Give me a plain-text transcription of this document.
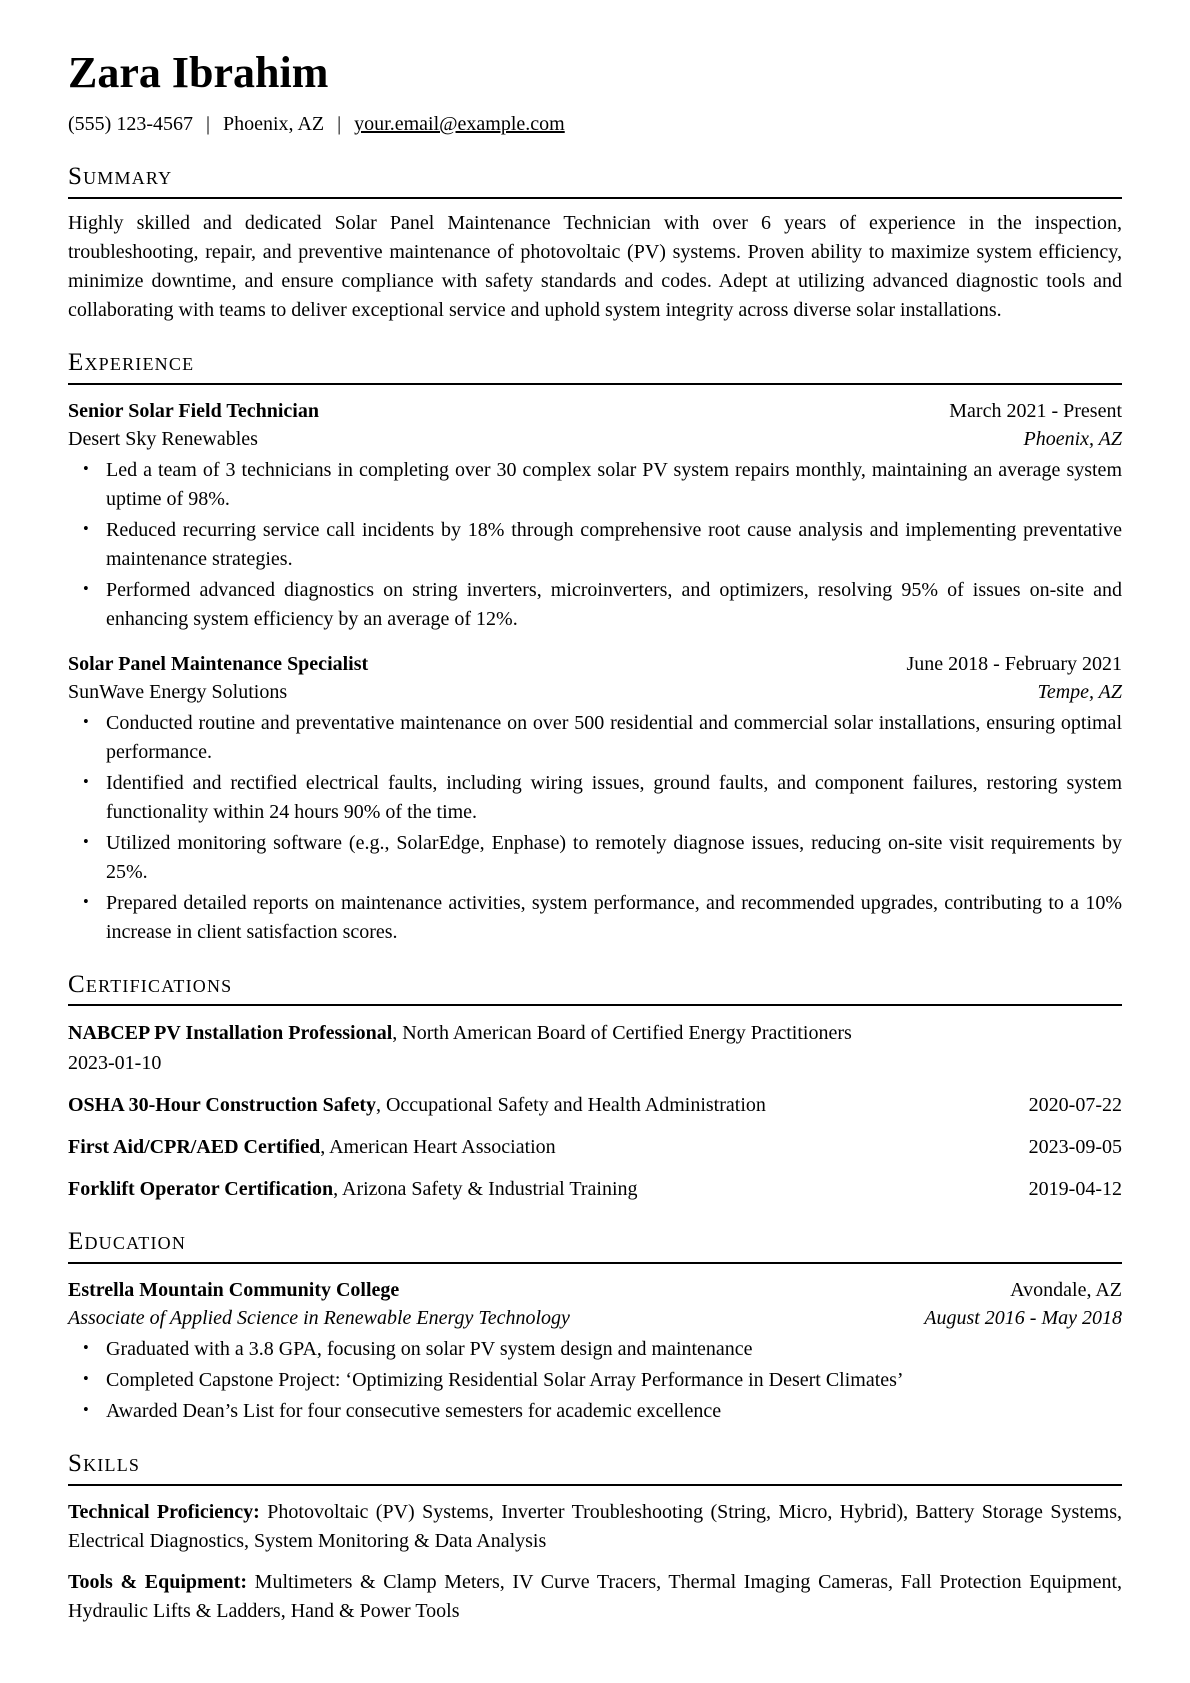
Zara Ibrahim
(555) 123-4567 | Phoenix, AZ | your.email@example.com
Summary

Highly skilled and dedicated Solar Panel Maintenance Technician with over 6 years of experience in the inspection, troubleshooting, repair, and preventive maintenance of photovoltaic (PV) systems. Proven ability to maximize system efficiency, minimize downtime, and ensure compliance with safety standards and codes. Adept at utilizing advanced diagnostic tools and collaborating with teams to deliver exceptional service and uphold system integrity across diverse solar installations.

Experience
Senior Solar Field Technician	March 2021 - Present
Desert Sky Renewables	Phoenix, AZ
• Led a team of 3 technicians in completing over 30 complex solar PV system repairs monthly, maintaining an average system uptime of 98%.
• Reduced recurring service call incidents by 18% through comprehensive root cause analysis and implementing preventative maintenance strategies.
• Performed advanced diagnostics on string inverters, microinverters, and optimizers, resolving 95% of issues on-site and enhancing system efficiency by an average of 12%.
Solar Panel Maintenance Specialist	June 2018 - February 2021
SunWave Energy Solutions	Tempe, AZ
• Conducted routine and preventative maintenance on over 500 residential and commercial solar installations, ensuring optimal performance.
• Identified and rectified electrical faults, including wiring issues, ground faults, and component failures, restoring system functionality within 24 hours 90% of the time.
• Utilized monitoring software (e.g., SolarEdge, Enphase) to remotely diagnose issues, reducing on-site visit requirements by 25%.
• Prepared detailed reports on maintenance activities, system performance, and recommended upgrades, contributing to a 10% increase in client satisfaction scores.
Certifications
NABCEP PV Installation Professional, North American Board of Certified Energy Practitioners
2023-01-10
OSHA 30-Hour Construction Safety, Occupational Safety and Health Administration	2020-07-22
First Aid/CPR/AED Certified, American Heart Association	2023-09-05
Forklift Operator Certification, Arizona Safety & Industrial Training	2019-04-12
Education
Estrella Mountain Community College	Avondale, AZ
Associate of Applied Science in Renewable Energy Technology	August 2016 - May 2018
• Graduated with a 3.8 GPA, focusing on solar PV system design and maintenance
• Completed Capstone Project: ‘Optimizing Residential Solar Array Performance in Desert Climates’
• Awarded Dean’s List for four consecutive semesters for academic excellence
Skills

Technical Proficiency: Photovoltaic (PV) Systems, Inverter Troubleshooting (String, Micro, Hybrid), Battery Storage Systems, Electrical Diagnostics, System Monitoring & Data Analysis

Tools & Equipment: Multimeters & Clamp Meters, IV Curve Tracers, Thermal Imaging Cameras, Fall Protection Equipment, Hydraulic Lifts & Ladders, Hand & Power Tools
